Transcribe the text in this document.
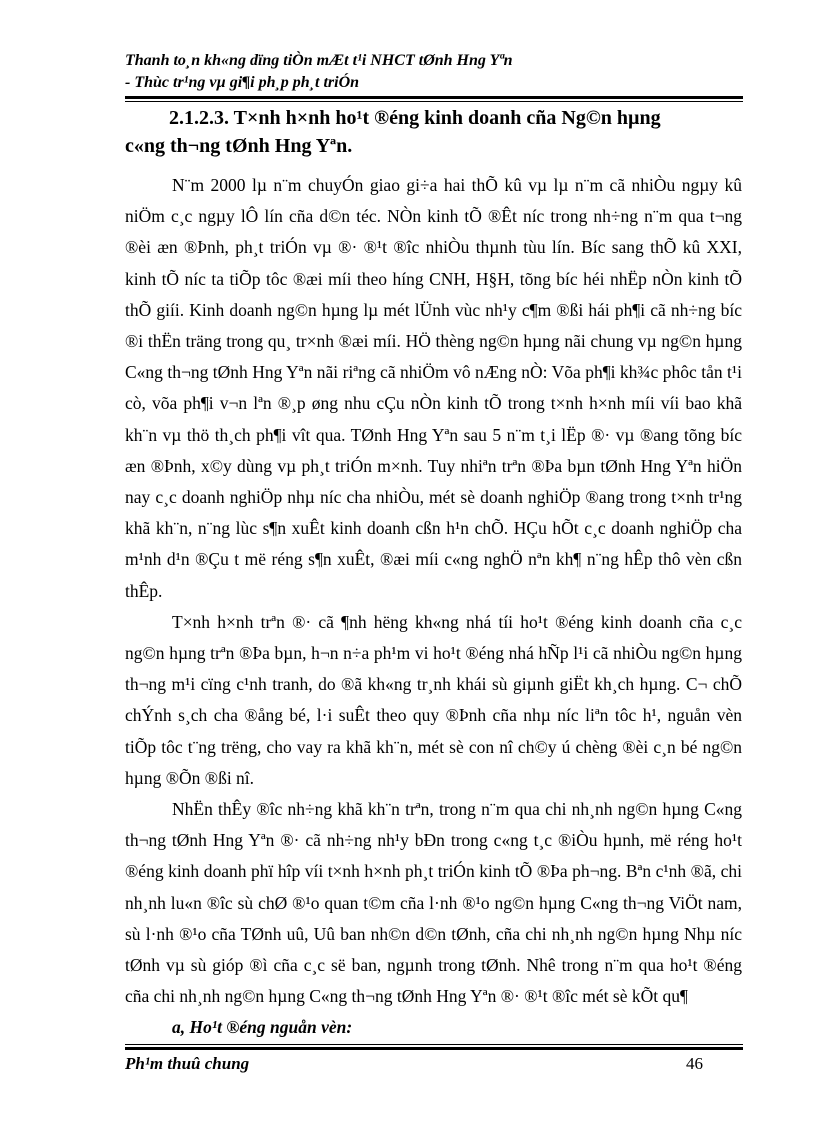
Thanh to¸n kh«ng dïng tiÒn mÆt t¹i NHCT tØnh Hng Yªn
- Thùc tr¹ng vµ gi¶i ph¸p ph¸t triÓn
2.1.2.3. T×nh h×nh ho¹t ®éng kinh doanh cña Ng©n hµng
c«ng th¬ng tØnh Hng Yªn.

N¨m 2000 lµ n¨m chuyÓn giao gi÷a hai thÕ kû vµ lµ n¨m cã nhiÒu ngµy kû niÖm c¸c ngµy lÔ lín cña d©n téc. NÒn kinh tÕ ®Êt níc trong nh÷ng n¨m qua t¬ng ®èi æn ®Þnh, ph¸t triÓn vµ ®· ®¹t ®îc nhiÒu thµnh tùu lín. Bíc sang thÕ kû XXI, kinh tÕ níc ta tiÕp tôc ®æi míi theo híng CNH, H§H, tõng bíc héi nhËp nÒn kinh tÕ thÕ giíi. Kinh doanh ng©n hµng lµ mét lÜnh vùc nh¹y c¶m ®ßi hái ph¶i cã nh÷ng bíc ®i thËn träng trong qu¸ tr×nh ®æi míi. HÖ thèng ng©n hµng nãi chung vµ ng©n hµng C«ng th¬ng tØnh Hng Yªn nãi riªng cã nhiÖm vô nÆng nÒ: Võa ph¶i kh¾c phôc tån t¹i cò, võa ph¶i v¬n lªn ®¸p øng nhu cÇu nÒn kinh tÕ trong t×nh h×nh míi víi bao khã kh¨n vµ thö th¸ch ph¶i vît qua. TØnh Hng Yªn sau 5 n¨m t¸i lËp ®· vµ ®ang tõng bíc æn ®Þnh, x©y dùng vµ ph¸t triÓn m×nh. Tuy nhiªn trªn ®Þa bµn tØnh Hng Yªn hiÖn nay c¸c doanh nghiÖp nhµ níc cha nhiÒu, mét sè doanh nghiÖp ®ang trong t×nh tr¹ng khã kh¨n, n¨ng lùc s¶n xuÊt kinh doanh cßn h¹n chÕ. HÇu hÕt c¸c doanh nghiÖp cha m¹nh d¹n ®Çu t më réng s¶n xuÊt, ®æi míi c«ng nghÖ nªn kh¶ n¨ng hÊp thô vèn cßn thÊp.

T×nh h×nh trªn ®· cã ¶nh hëng kh«ng nhá tíi ho¹t ®éng kinh doanh cña c¸c ng©n hµng trªn ®Þa bµn, h¬n n÷a ph¹m vi ho¹t ®éng nhá hÑp l¹i cã nhiÒu ng©n hµng th¬ng m¹i cïng c¹nh tranh, do ®ã kh«ng tr¸nh khái sù giµnh giËt kh¸ch hµng. C¬ chÕ chÝnh s¸ch cha ®ång bé, l·i suÊt theo quy ®Þnh cña nhµ níc liªn tôc h¹, nguån vèn tiÕp tôc t¨ng trëng, cho vay ra khã kh¨n, mét sè con nî ch©y ú chèng ®èi c¸n bé ng©n hµng ®Õn ®ßi nî.

NhËn thÊy ®îc nh÷ng khã kh¨n trªn, trong n¨m qua chi nh¸nh ng©n hµng C«ng th¬ng tØnh Hng Yªn ®· cã nh÷ng nh¹y bÐn trong c«ng t¸c ®iÒu hµnh, më réng ho¹t ®éng kinh doanh phï hîp víi t×nh h×nh ph¸t triÓn kinh tÕ ®Þa ph¬ng. Bªn c¹nh ®ã, chi nh¸nh lu«n ®îc sù chØ ®¹o quan t©m cña l·nh ®¹o ng©n hµng C«ng th¬ng ViÖt nam, sù l·nh ®¹o cña TØnh uû, Uû ban nh©n d©n tØnh, cña chi nh¸nh ng©n hµng Nhµ níc tØnh vµ sù gióp ®ì cña c¸c së ban, ngµnh trong tØnh. Nhê trong n¨m qua ho¹t ®éng cña chi nh¸nh ng©n hµng C«ng th¬ng tØnh Hng Yªn ®· ®¹t ®îc mét sè kÕt qu¶

a, Ho¹t ®éng nguån vèn:
Ph¹m thuû chung	46
